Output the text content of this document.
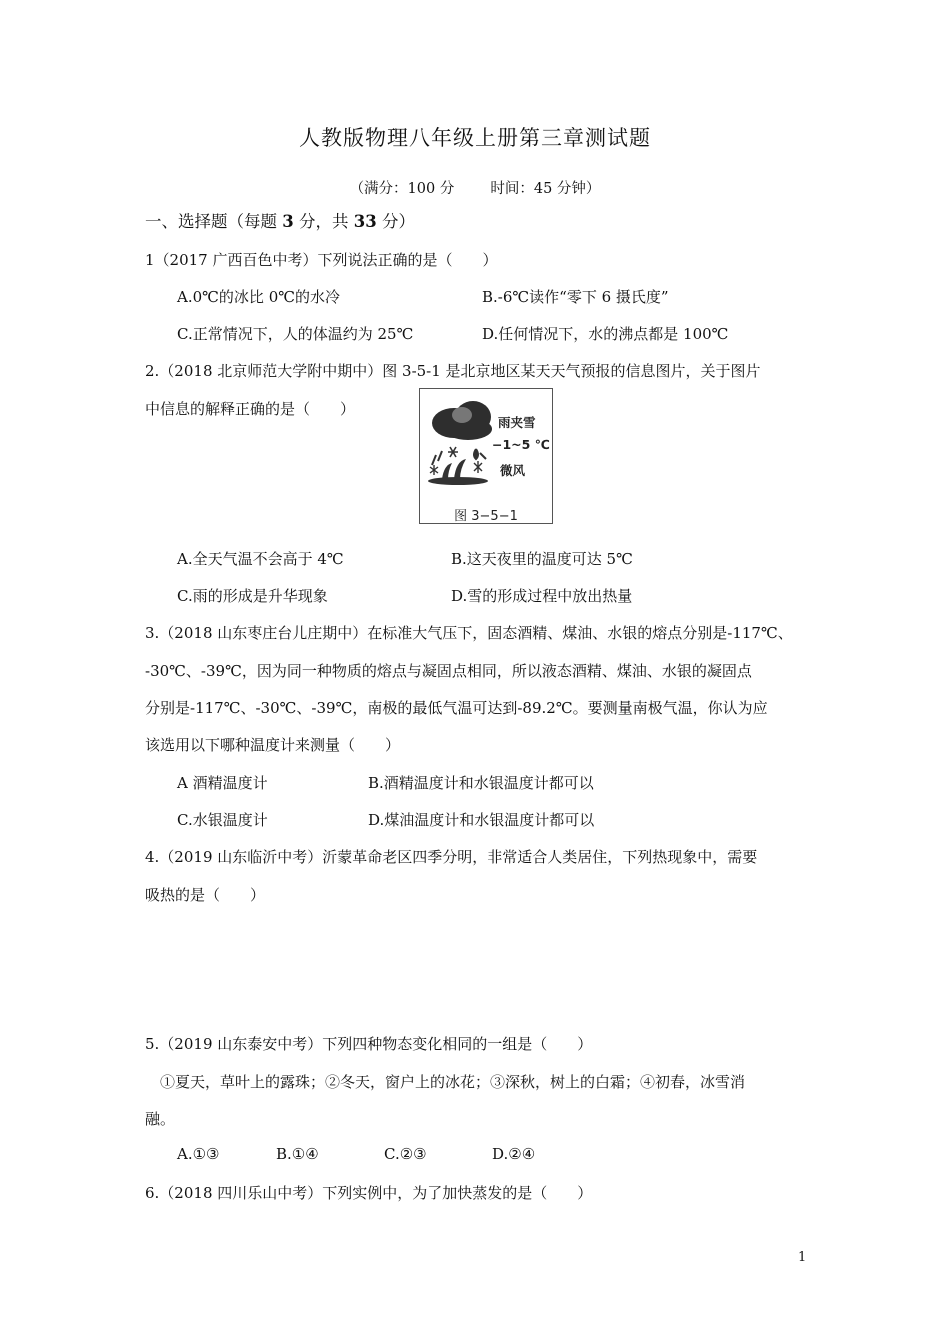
人教版物理八年级上册第三章测试题
（满分：100 分 时间：45 分钟）
一、选择题（每题 3 分，共 33 分）
1（2017 广西百色中考）下列说法正确的是（　　）
A.0℃的冰比 0℃的水冷	B.-6℃读作“零下 6 摄氏度”
C.正常情况下，人的体温约为 25℃	D.任何情况下，水的沸点都是 100℃
2.（2018 北京师范大学附中期中）图 3-5-1 是北京地区某天天气预报的信息图片，关于图片
中信息的解释正确的是（　　）
雨夹雪
−1~5 ℃
微风
图 3−5−1
A.全天气温不会高于 4℃	B.这天夜里的温度可达 5℃
C.雨的形成是升华现象	D.雪的形成过程中放出热量
3.（2018 山东枣庄台儿庄期中）在标准大气压下，固态酒精、煤油、水银的熔点分别是-117℃、
-30℃、-39℃，因为同一种物质的熔点与凝固点相同，所以液态酒精、煤油、水银的凝固点
分别是-117℃、-30℃、-39℃，南极的最低气温可达到-89.2℃。要测量南极气温，你认为应
该选用以下哪种温度计来测量（　　）
A 酒精温度计	B.酒精温度计和水银温度计都可以
C.水银温度计	D.煤油温度计和水银温度计都可以
4.（2019 山东临沂中考）沂蒙革命老区四季分明，非常适合人类居住，下列热现象中，需要
吸热的是（　　）
5.（2019 山东泰安中考）下列四种物态变化相同的一组是（　　）
①夏天，草叶上的露珠；②冬天，窗户上的冰花；③深秋，树上的白霜；④初春，冰雪消
融。
A.①③	B.①④	C.②③	D.②④
6.（2018 四川乐山中考）下列实例中，为了加快蒸发的是（　　）
1
